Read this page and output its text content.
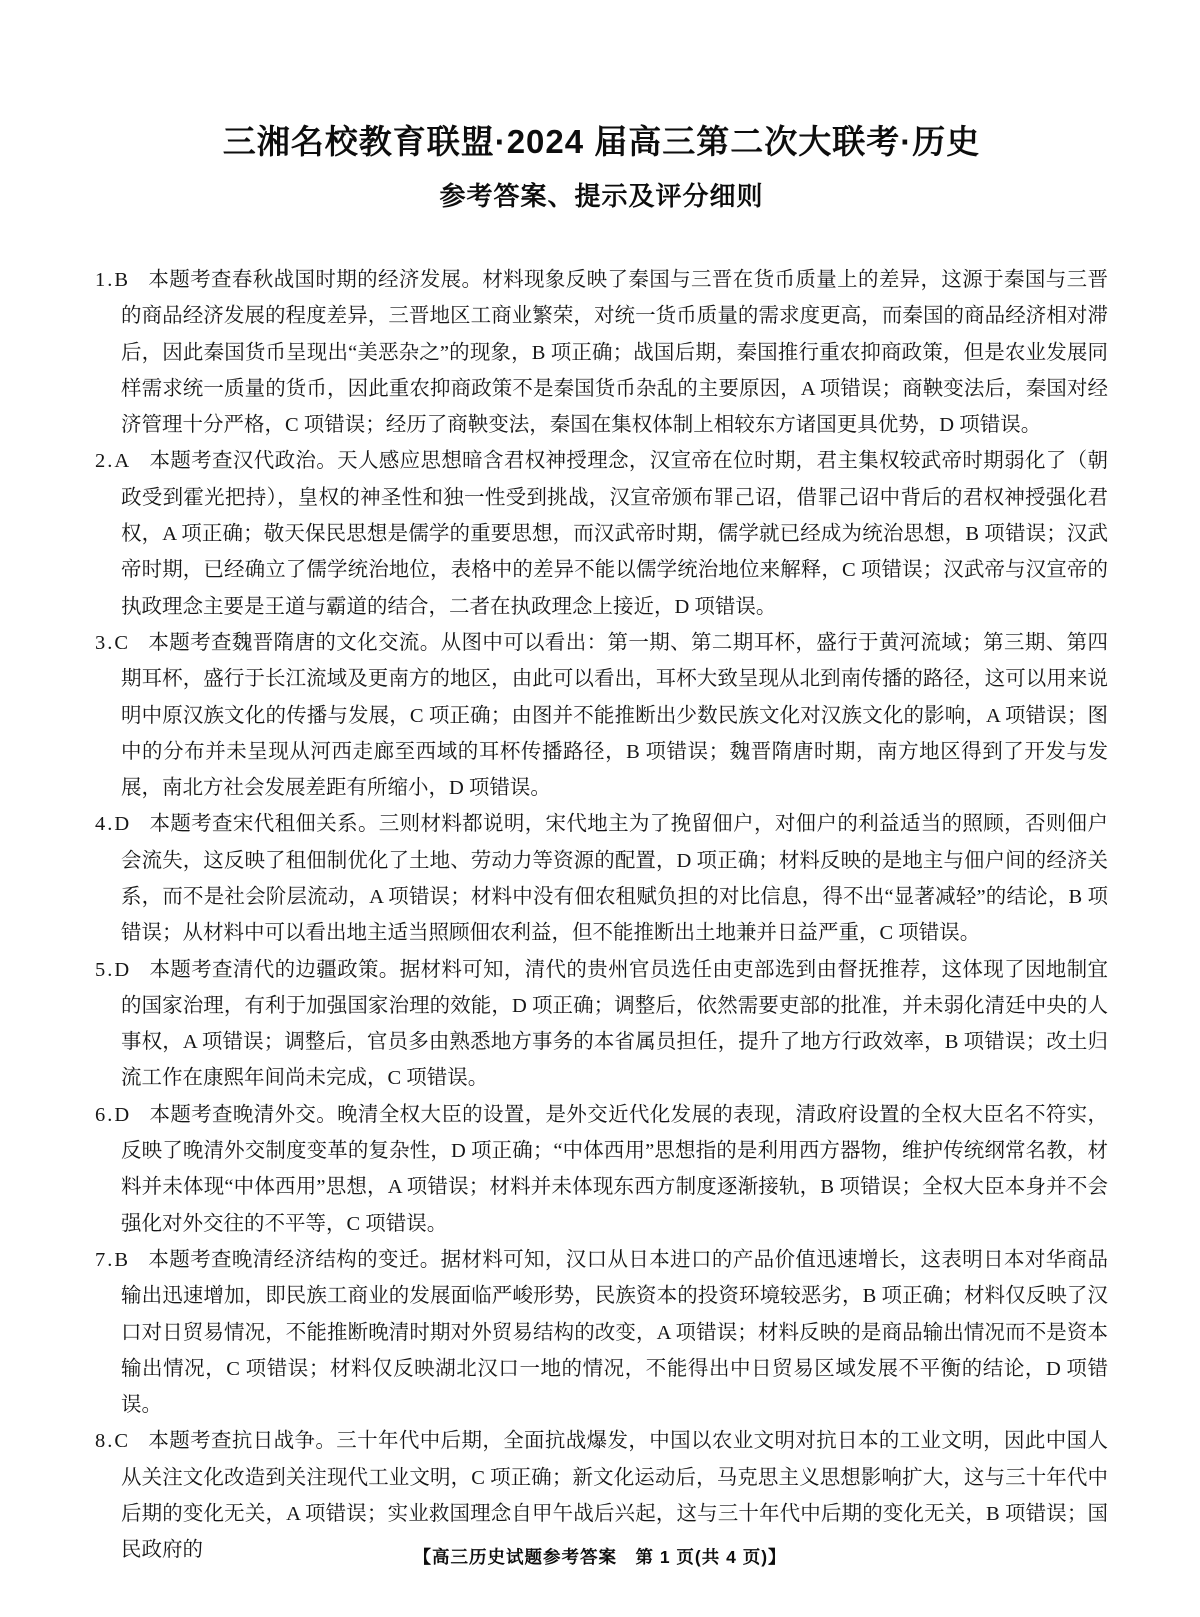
三湘名校教育联盟·2024 届高三第二次大联考·历史
参考答案、提示及评分细则
1.B 本题考查春秋战国时期的经济发展。材料现象反映了秦国与三晋在货币质量上的差异，这源于秦国与三晋的商品经济发展的程度差异，三晋地区工商业繁荣，对统一货币质量的需求度更高，而秦国的商品经济相对滞后，因此秦国货币呈现出“美恶杂之”的现象，B 项正确；战国后期，秦国推行重农抑商政策，但是农业发展同样需求统一质量的货币，因此重农抑商政策不是秦国货币杂乱的主要原因，A 项错误；商鞅变法后，秦国对经济管理十分严格，C 项错误；经历了商鞅变法，秦国在集权体制上相较东方诸国更具优势，D 项错误。
2.A 本题考查汉代政治。天人感应思想暗含君权神授理念，汉宣帝在位时期，君主集权较武帝时期弱化了（朝政受到霍光把持），皇权的神圣性和独一性受到挑战，汉宣帝颁布罪己诏，借罪己诏中背后的君权神授强化君权，A 项正确；敬天保民思想是儒学的重要思想，而汉武帝时期，儒学就已经成为统治思想，B 项错误；汉武帝时期，已经确立了儒学统治地位，表格中的差异不能以儒学统治地位来解释，C 项错误；汉武帝与汉宣帝的执政理念主要是王道与霸道的结合，二者在执政理念上接近，D 项错误。
3.C 本题考查魏晋隋唐的文化交流。从图中可以看出：第一期、第二期耳杯，盛行于黄河流域；第三期、第四期耳杯，盛行于长江流域及更南方的地区，由此可以看出，耳杯大致呈现从北到南传播的路径，这可以用来说明中原汉族文化的传播与发展，C 项正确；由图并不能推断出少数民族文化对汉族文化的影响，A 项错误；图中的分布并未呈现从河西走廊至西域的耳杯传播路径，B 项错误；魏晋隋唐时期，南方地区得到了开发与发展，南北方社会发展差距有所缩小，D 项错误。
4.D 本题考查宋代租佃关系。三则材料都说明，宋代地主为了挽留佃户，对佃户的利益适当的照顾，否则佃户会流失，这反映了租佃制优化了土地、劳动力等资源的配置，D 项正确；材料反映的是地主与佃户间的经济关系，而不是社会阶层流动，A 项错误；材料中没有佃农租赋负担的对比信息，得不出“显著减轻”的结论，B 项错误；从材料中可以看出地主适当照顾佃农利益，但不能推断出土地兼并日益严重，C 项错误。
5.D 本题考查清代的边疆政策。据材料可知，清代的贵州官员选任由吏部选到由督抚推荐，这体现了因地制宜的国家治理，有利于加强国家治理的效能，D 项正确；调整后，依然需要吏部的批准，并未弱化清廷中央的人事权，A 项错误；调整后，官员多由熟悉地方事务的本省属员担任，提升了地方行政效率，B 项错误；改土归流工作在康熙年间尚未完成，C 项错误。
6.D 本题考查晚清外交。晚清全权大臣的设置，是外交近代化发展的表现，清政府设置的全权大臣名不符实，反映了晚清外交制度变革的复杂性，D 项正确；“中体西用”思想指的是利用西方器物，维护传统纲常名教，材料并未体现“中体西用”思想，A 项错误；材料并未体现东西方制度逐渐接轨，B 项错误；全权大臣本身并不会强化对外交往的不平等，C 项错误。
7.B 本题考查晚清经济结构的变迁。据材料可知，汉口从日本进口的产品价值迅速增长，这表明日本对华商品输出迅速增加，即民族工商业的发展面临严峻形势，民族资本的投资环境较恶劣，B 项正确；材料仅反映了汉口对日贸易情况，不能推断晚清时期对外贸易结构的改变，A 项错误；材料反映的是商品输出情况而不是资本输出情况，C 项错误；材料仅反映湖北汉口一地的情况，不能得出中日贸易区域发展不平衡的结论，D 项错误。
8.C 本题考查抗日战争。三十年代中后期，全面抗战爆发，中国以农业文明对抗日本的工业文明，因此中国人从关注文化改造到关注现代工业文明，C 项正确；新文化运动后，马克思主义思想影响扩大，这与三十年代中后期的变化无关，A 项错误；实业救国理念自甲午战后兴起，这与三十年代中后期的变化无关，B 项错误；国民政府的	【高三历史试题参考答案　第 1 页(共 4 页)】
